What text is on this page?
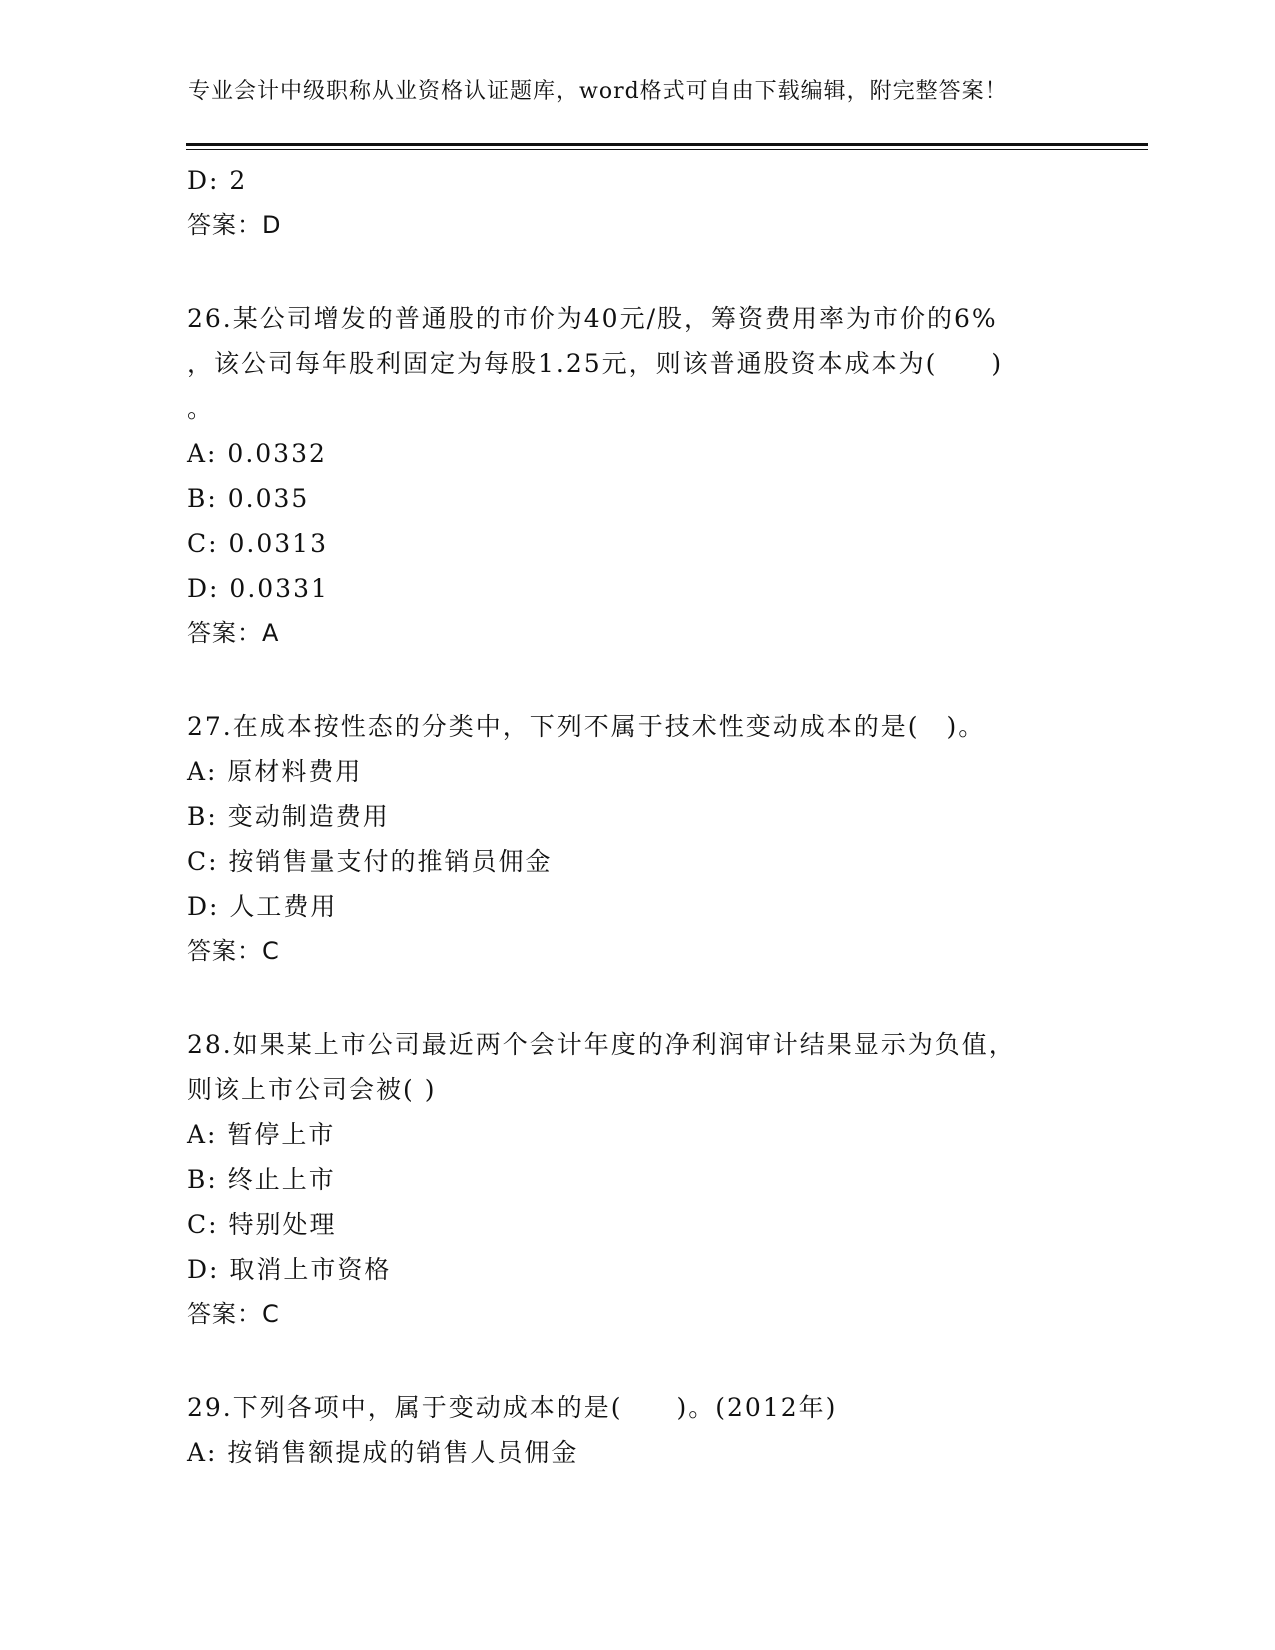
专业会计中级职称从业资格认证题库，word格式可自由下载编辑，附完整答案！
D: 2
答案：D
26.某公司增发的普通股的市价为40元/股，筹资费用率为市价的6%
，该公司每年股利固定为每股1.25元，则该普通股资本成本为(　　)
。
A: 0.0332
B: 0.035
C: 0.0313
D: 0.0331
答案：A
27.在成本按性态的分类中，下列不属于技术性变动成本的是(　)。
A: 原材料费用
B: 变动制造费用
C: 按销售量支付的推销员佣金
D: 人工费用
答案：C
28.如果某上市公司最近两个会计年度的净利润审计结果显示为负值，
则该上市公司会被( )
A: 暂停上市
B: 终止上市
C: 特别处理
D: 取消上市资格
答案：C
29.下列各项中，属于变动成本的是(　　)。(2012年)
A: 按销售额提成的销售人员佣金
